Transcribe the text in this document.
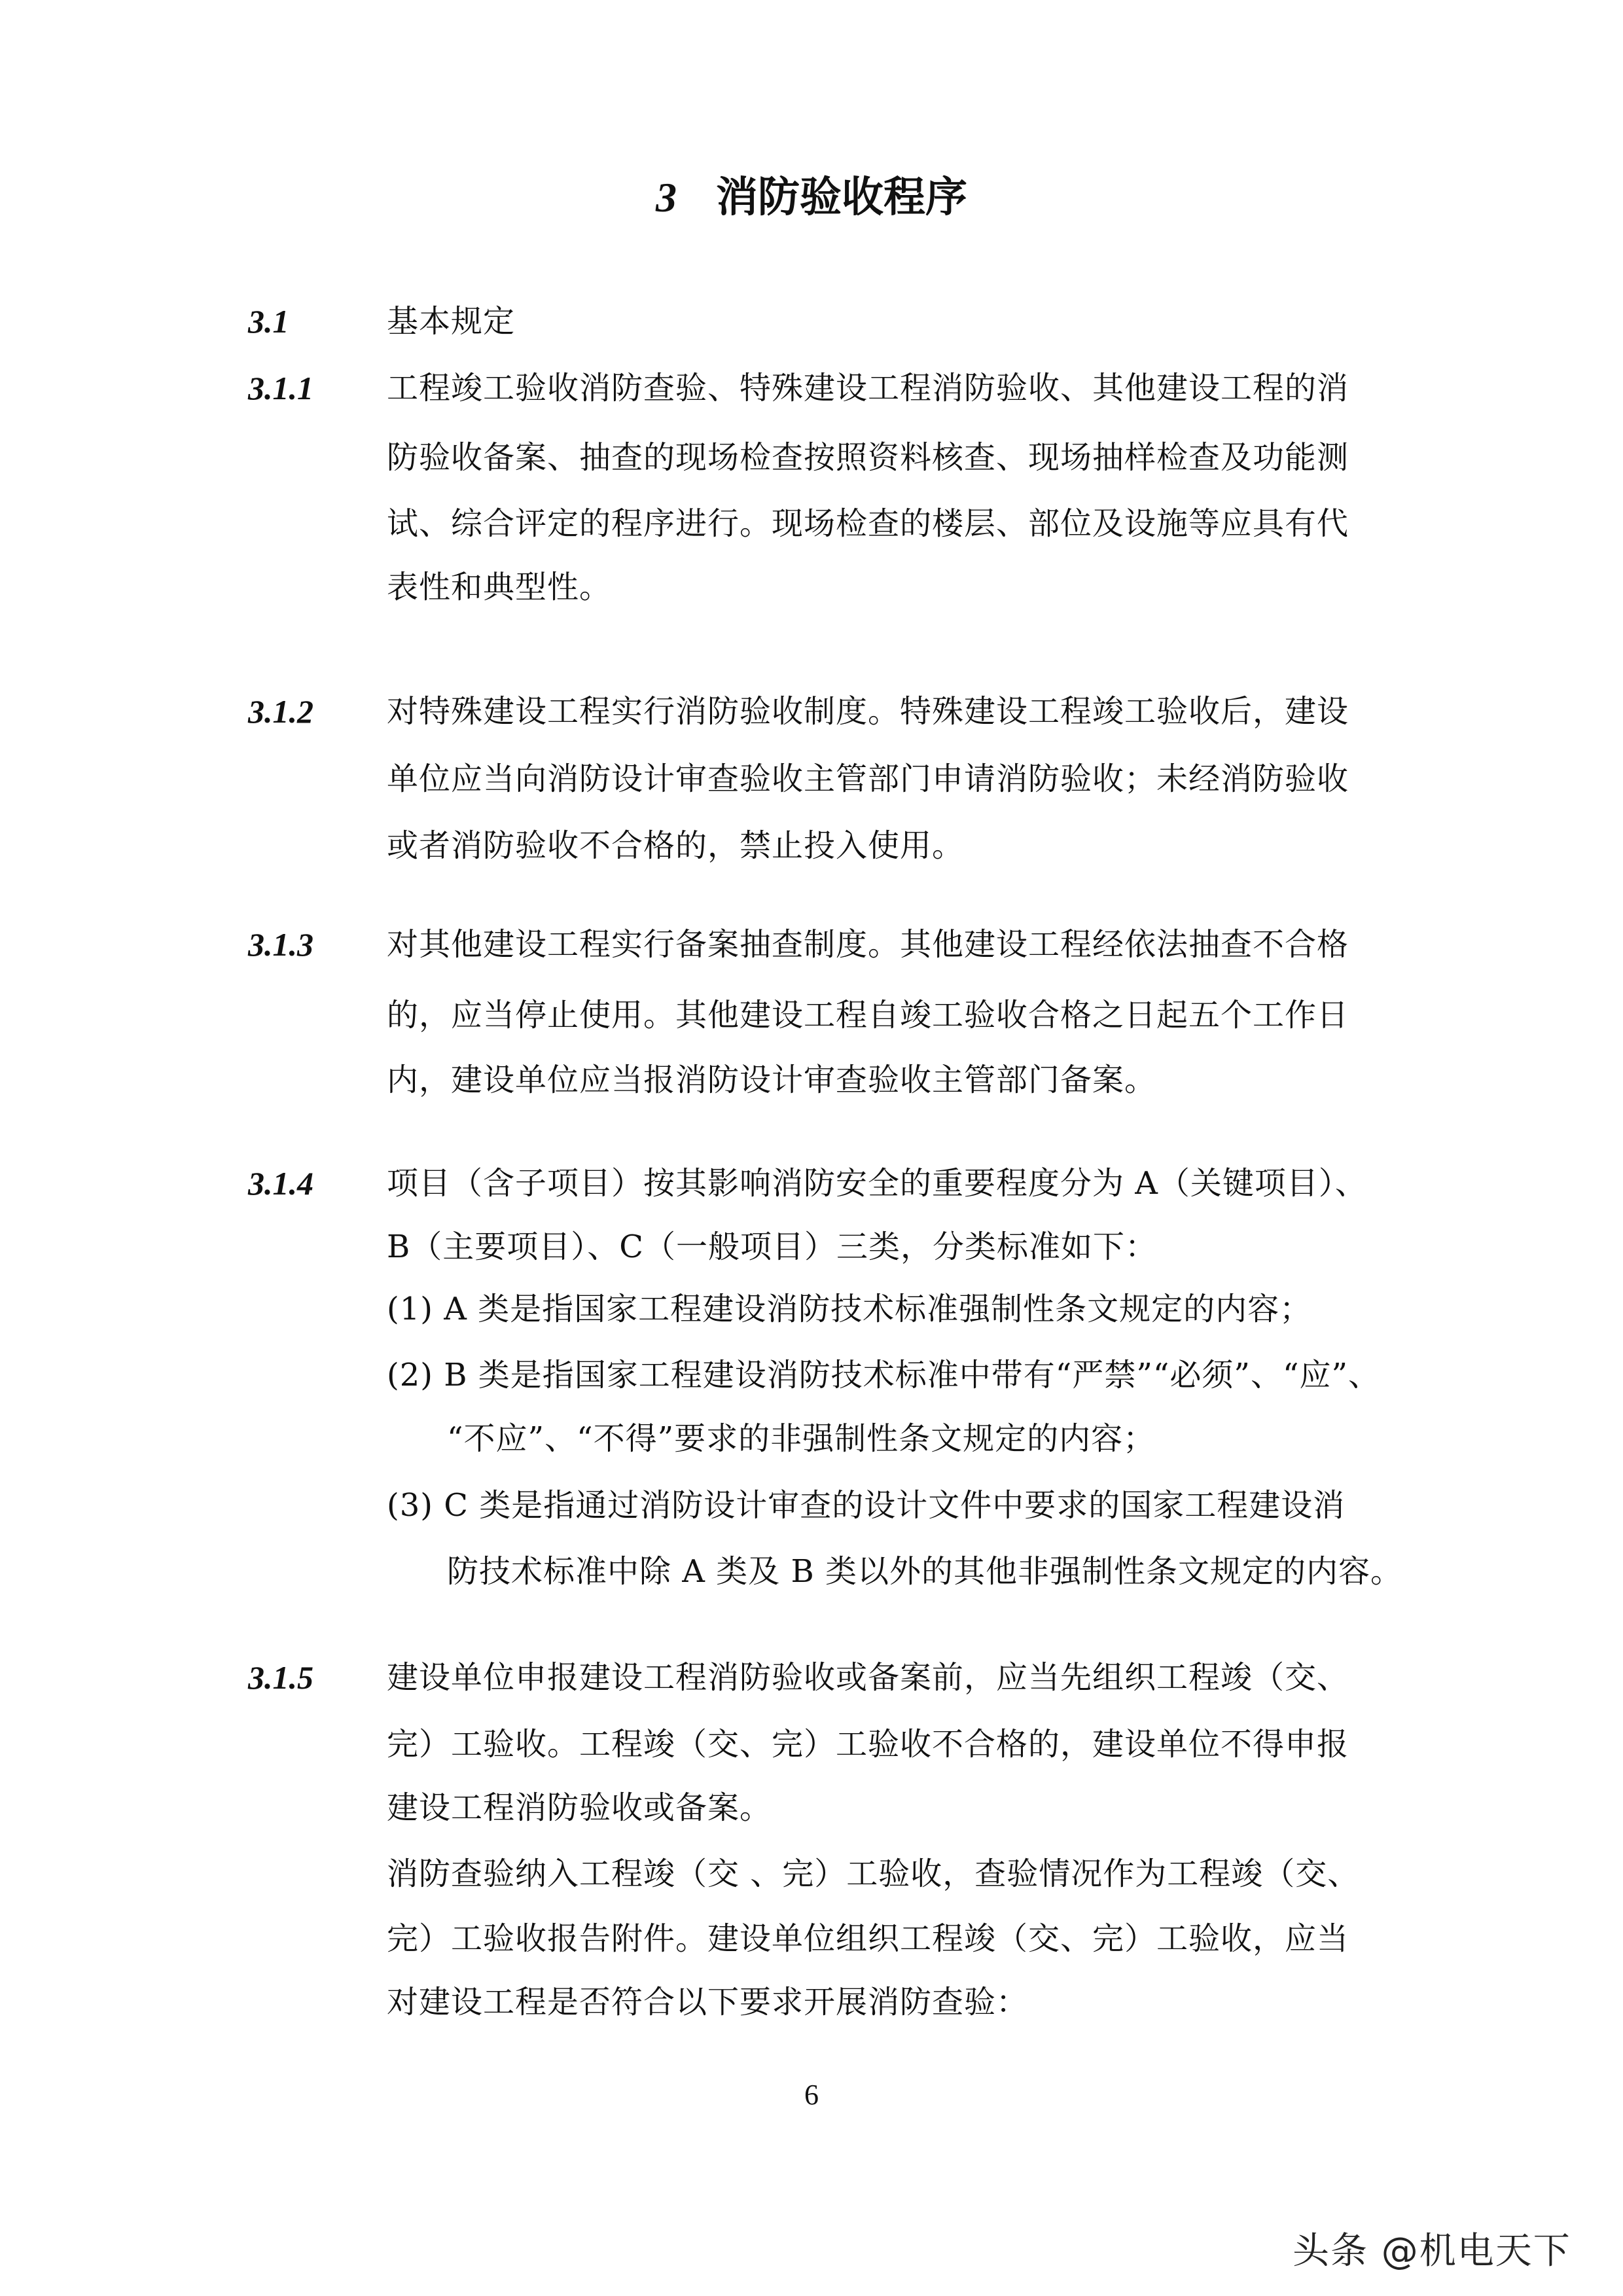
3 消防验收程序
3.1	基本规定
3.1.1 工程竣工验收消防查验、特殊建设工程消防验收、其他建设工程的消
防验收备案、抽查的现场检查按照资料核查、现场抽样检查及功能测
试、综合评定的程序进行。现场检查的楼层、部位及设施等应具有代
表性和典型性。
3.1.2 对特殊建设工程实行消防验收制度。特殊建设工程竣工验收后，建设
单位应当向消防设计审查验收主管部门申请消防验收；未经消防验收
或者消防验收不合格的，禁止投入使用。
3.1.3 对其他建设工程实行备案抽查制度。其他建设工程经依法抽查不合格
的，应当停止使用。其他建设工程自竣工验收合格之日起五个工作日
内，建设单位应当报消防设计审查验收主管部门备案。
3.1.4 项目（含子项目）按其影响消防安全的重要程度分为 A（关键项目）、
B（主要项目）、C（一般项目）三类，分类标准如下：
(1) A 类是指国家工程建设消防技术标准强制性条文规定的内容；
(2) B 类是指国家工程建设消防技术标准中带有“严禁”“必须”、“应”、
“不应”、“不得”要求的非强制性条文规定的内容；
(3) C 类是指通过消防设计审查的设计文件中要求的国家工程建设消
防技术标准中除 A 类及 B 类以外的其他非强制性条文规定的内容。
3.1.5 建设单位申报建设工程消防验收或备案前，应当先组织工程竣（交、
完）工验收。工程竣（交、完）工验收不合格的，建设单位不得申报
建设工程消防验收或备案。
消防查验纳入工程竣（交 、完）工验收，查验情况作为工程竣（交、
完）工验收报告附件。建设单位组织工程竣（交、完）工验收，应当
对建设工程是否符合以下要求开展消防查验：
6
头条 @机电天下
